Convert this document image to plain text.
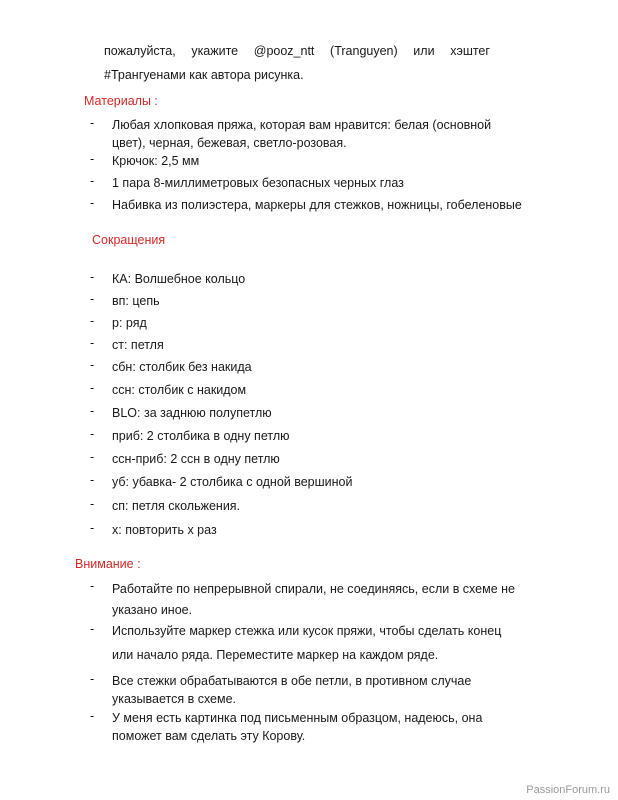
пожалуйста, укажите @pooz_ntt (Tranguyen) или хэштег
#Трангуенами как автора рисунка.
Материалы :
- Любая хлопковая пряжа, которая вам нравится: белая (основной цвет), черная, бежевая, светло-розовая.
- Крючок: 2,5 мм
- 1 пара 8-миллиметровых безопасных черных глаз
- Набивка из полиэстера, маркеры для стежков, ножницы, гобеленовые
Сокращения
- КА: Волшебное кольцо
- вп: цепь
- р: ряд
- ст: петля
- сбн: столбик без накида
- ссн: столбик с накидом
- BLO: за заднюю полупетлю
- приб: 2 столбика в одну петлю
- ссн-приб: 2 ссн в одну петлю
- уб: убавка- 2 столбика с одной вершиной
- сп: петля скольжения.
- х: повторить х раз
Внимание :
- Работайте по непрерывной спирали, не соединяясь, если в схеме не указано иное.
- Используйте маркер стежка или кусок пряжи, чтобы сделать конец или начало ряда. Переместите маркер на каждом ряде.
- Все стежки обрабатываются в обе петли, в противном случае указывается в схеме.
- У меня есть картинка под письменным образцом, надеюсь, она поможет вам сделать эту Корову.
PassionForum.ru
